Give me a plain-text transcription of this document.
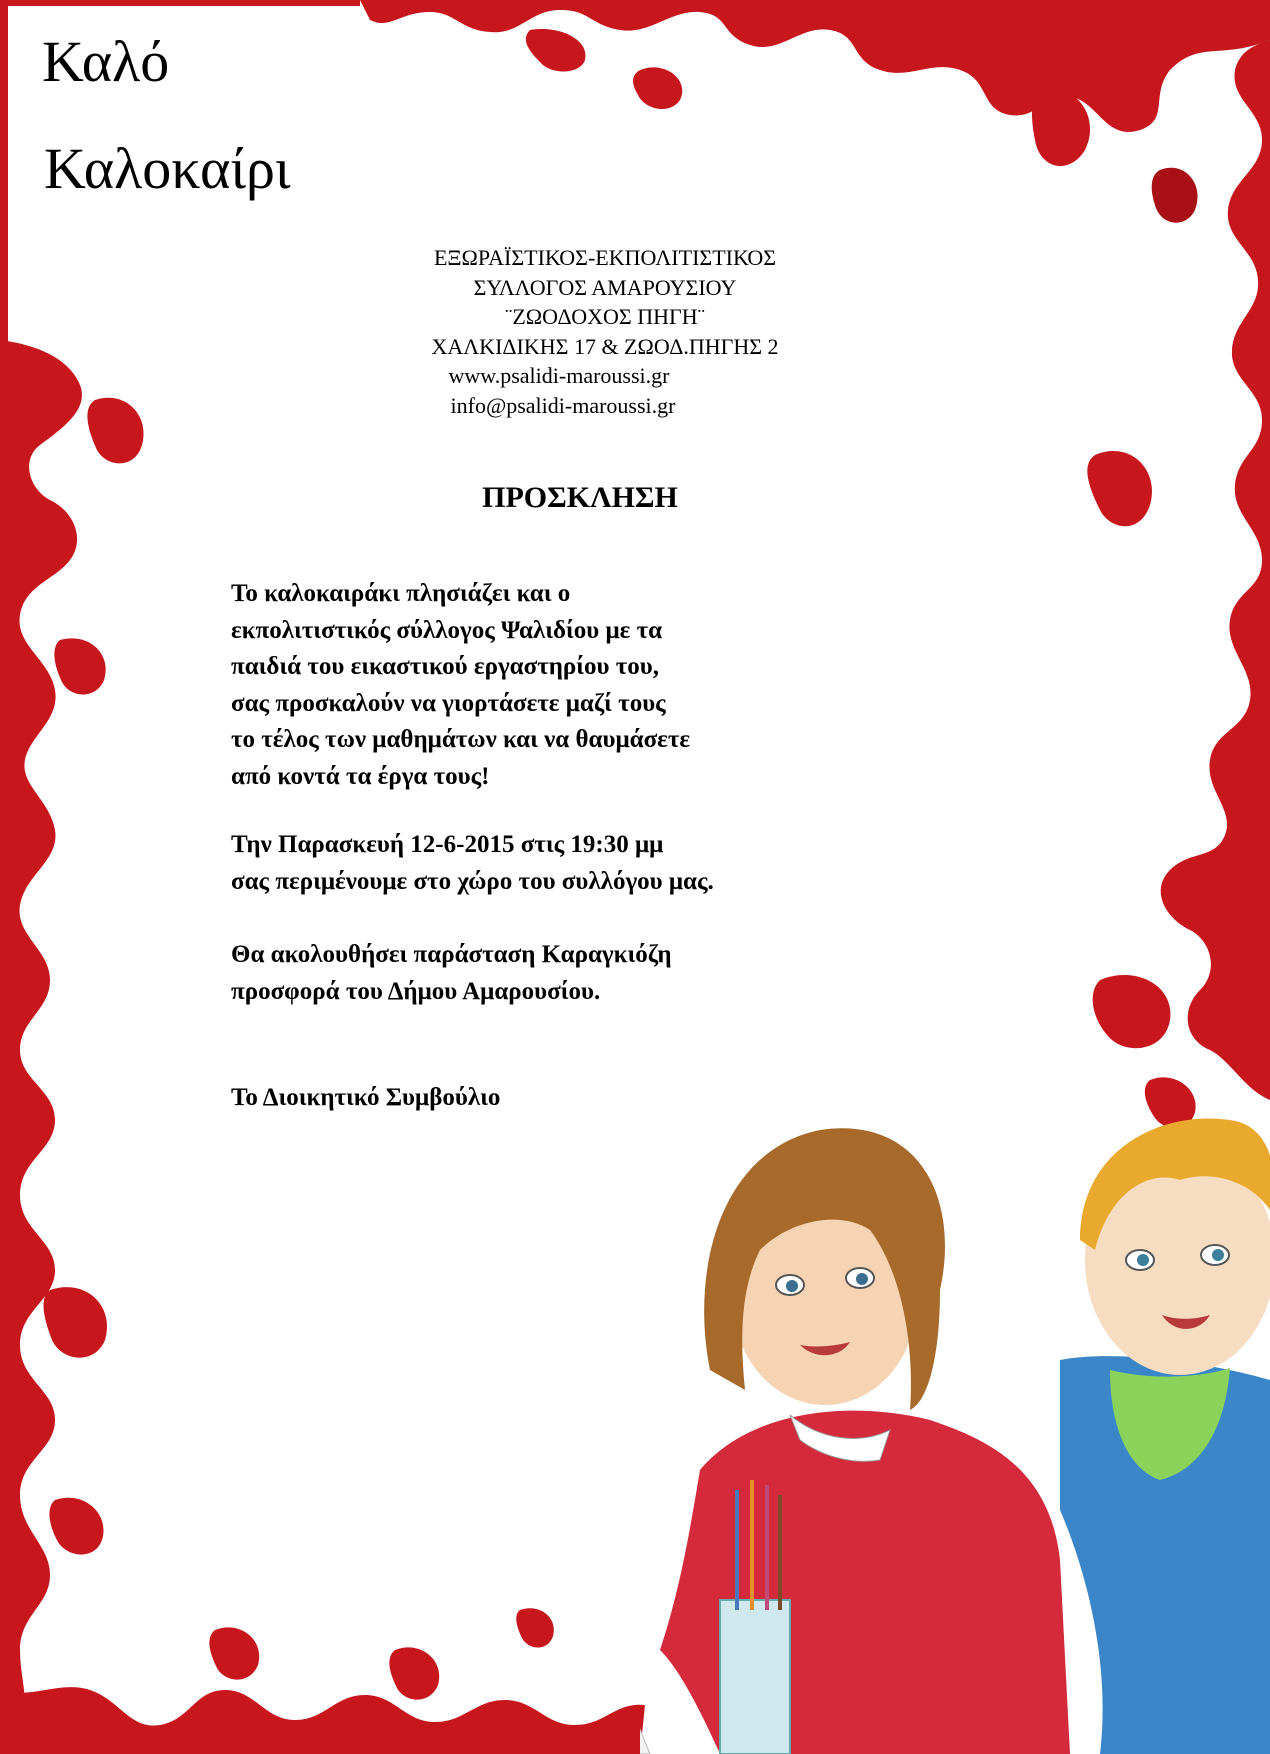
Καλό
Καλοκαίρι
ΕΞΩΡΑΪΣΤΙΚΟΣ-ΕΚΠΟΛΙΤΙΣΤΙΚΟΣ
ΣΥΛΛΟΓΟΣ ΑΜΑΡΟΥΣΙΟΥ
¨ΖΩΟΔΟΧΟΣ ΠΗΓΗ¨
ΧΑΛΚΙΔΙΚΗΣ 17 & ΖΩΟΔ.ΠΗΓΗΣ 2
www.psalidi-maroussi.gr
info@psalidi-maroussi.gr
ΠΡΟΣΚΛΗΣΗ
Το καλοκαιράκι πλησιάζει και ο
εκπολιτιστικός σύλλογος Ψαλιδίου με τα
παιδιά του εικαστικού εργαστηρίου του,
σας προσκαλούν να γιορτάσετε μαζί τους
το τέλος των μαθημάτων και να θαυμάσετε
από κοντά τα έργα τους!
Την Παρασκευή 12-6-2015 στις 19:30 μμ
σας περιμένουμε στο χώρο του συλλόγου μας.
Θα ακολουθήσει παράσταση Καραγκιόζη
προσφορά του Δήμου Αμαρουσίου.
Το Διοικητικό Συμβούλιο
